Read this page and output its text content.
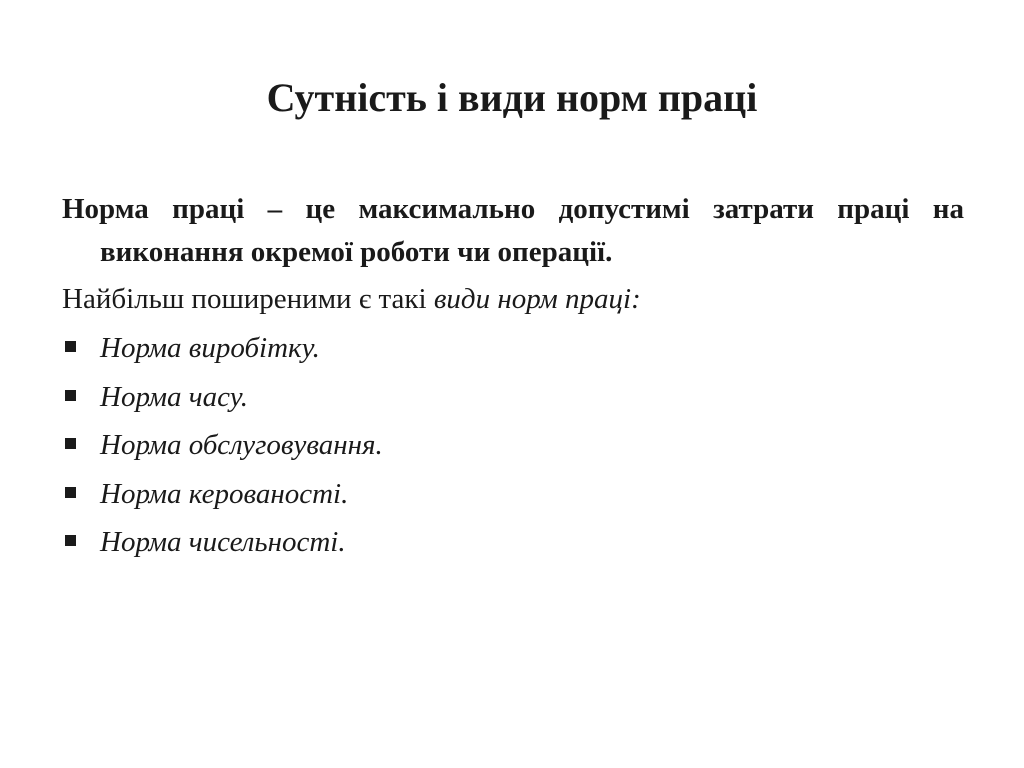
Сутність і види норм праці

Норма праці – це максимально допустимі затрати праці на виконання окремої роботи чи операції.

Найбільш поширеними є такі види норм праці:

Норма виробітку.
Норма часу.
Норма обслуговування.
Норма керованості.
Норма чисельності.
